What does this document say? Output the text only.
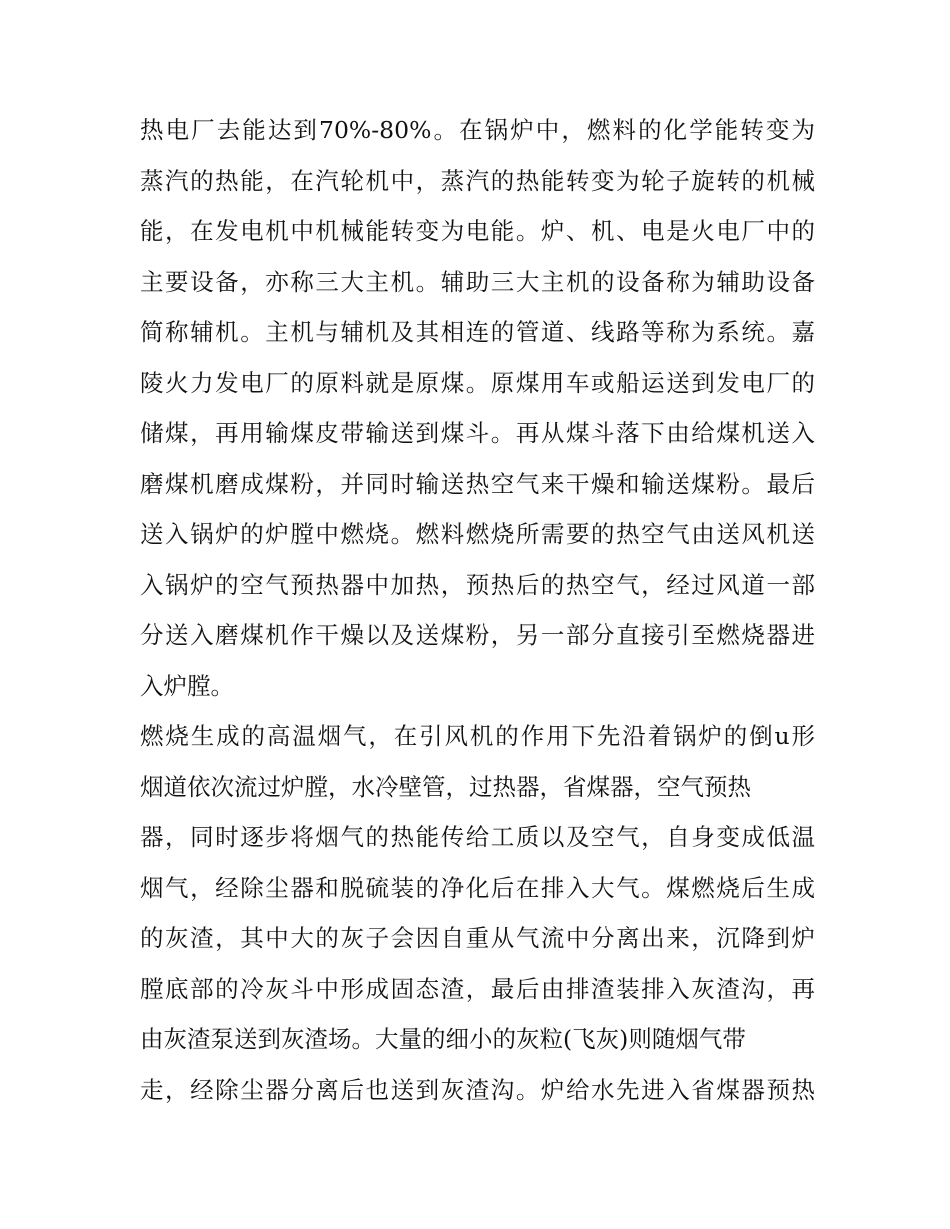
热电厂去能达到70%-80%。在锅炉中，燃料的化学能转变为
蒸汽的热能，在汽轮机中，蒸汽的热能转变为轮子旋转的机械
能，在发电机中机械能转变为电能。炉、机、电是火电厂中的
主要设备，亦称三大主机。辅助三大主机的设备称为辅助设备
简称辅机。主机与辅机及其相连的管道、线路等称为系统。嘉
陵火力发电厂的原料就是原煤。原煤用车或船运送到发电厂的
储煤，再用输煤皮带输送到煤斗。再从煤斗落下由给煤机送入
磨煤机磨成煤粉，并同时输送热空气来干燥和输送煤粉。最后
送入锅炉的炉膛中燃烧。燃料燃烧所需要的热空气由送风机送
入锅炉的空气预热器中加热，预热后的热空气，经过风道一部
分送入磨煤机作干燥以及送煤粉，另一部分直接引至燃烧器进
入炉膛。
燃烧生成的高温烟气，在引风机的作用下先沿着锅炉的倒u形
烟道依次流过炉膛，水冷壁管，过热器，省煤器，空气预热
器，同时逐步将烟气的热能传给工质以及空气，自身变成低温
烟气，经除尘器和脱硫装的净化后在排入大气。煤燃烧后生成
的灰渣，其中大的灰子会因自重从气流中分离出来，沉降到炉
膛底部的冷灰斗中形成固态渣，最后由排渣装排入灰渣沟，再
由灰渣泵送到灰渣场。大量的细小的灰粒(飞灰)则随烟气带
走，经除尘器分离后也送到灰渣沟。炉给水先进入省煤器预热
